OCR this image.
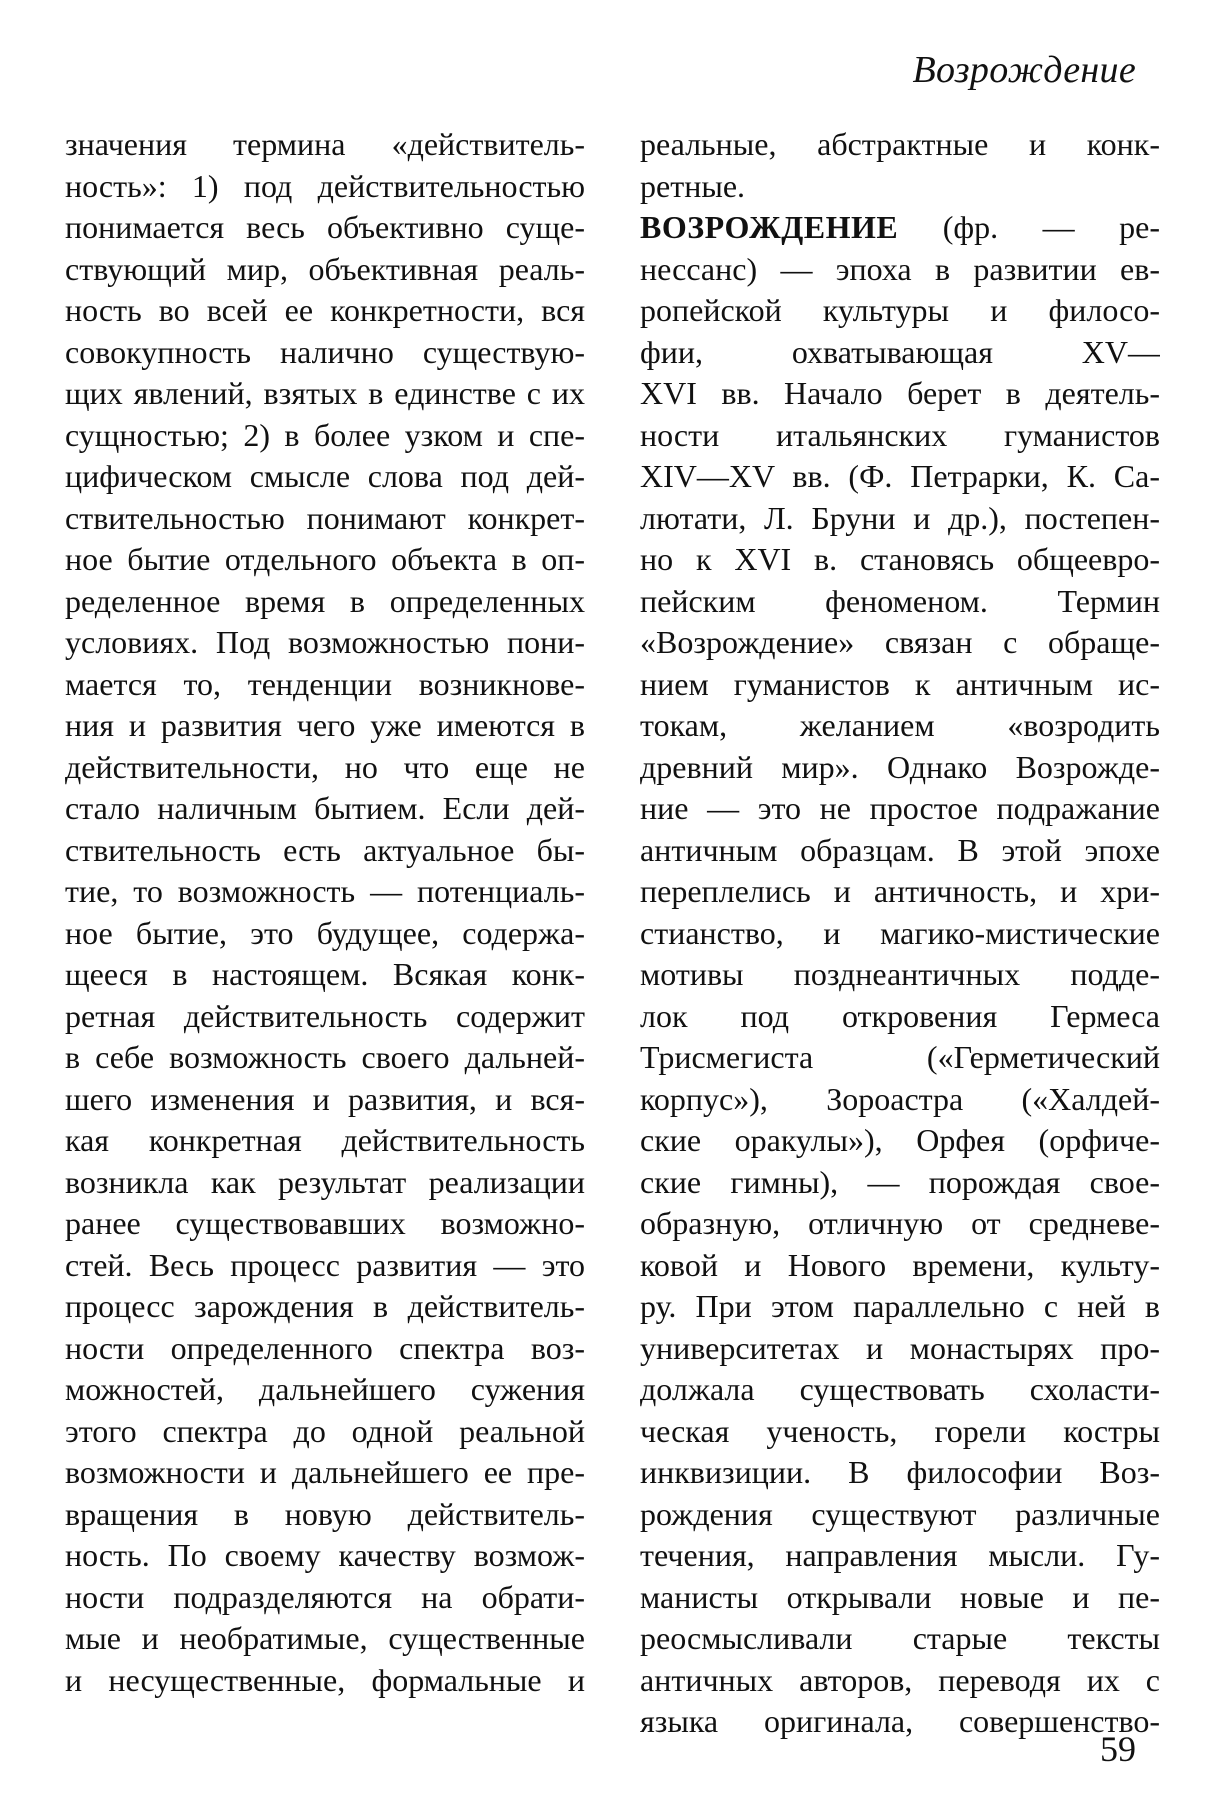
Возрождение
значения термина «действитель-
ность»: 1) под действительностью
понимается весь объективно суще-
ствующий мир, объективная реаль-
ность во всей ее конкретности, вся
совокупность налично существую-
щих явлений, взятых в единстве с их
сущностью; 2) в более узком и спе-
цифическом смысле слова под дей-
ствительностью понимают конкрет-
ное бытие отдельного объекта в оп-
ределенное время в определенных
условиях. Под возможностью пони-
мается то, тенденции возникнове-
ния и развития чего уже имеются в
действительности, но что еще не
стало наличным бытием. Если дей-
ствительность есть актуальное бы-
тие, то возможность — потенциаль-
ное бытие, это будущее, содержа-
щееся в настоящем. Всякая конк-
ретная действительность содержит
в себе возможность своего дальней-
шего изменения и развития, и вся-
кая конкретная действительность
возникла как результат реализации
ранее существовавших возможно-
стей. Весь процесс развития — это
процесс зарождения в действитель-
ности определенного спектра воз-
можностей, дальнейшего сужения
этого спектра до одной реальной
возможности и дальнейшего ее пре-
вращения в новую действитель-
ность. По своему качеству возмож-
ности подразделяются на обрати-
мые и необратимые, существенные
и несущественные, формальные и
реальные, абстрактные и конк-
ретные.
ВОЗРОЖДЕНИЕ (фр. — ре-
нессанс) — эпоха в развитии ев-
ропейской культуры и филосо-
фии, охватывающая XV—
XVI вв. Начало берет в деятель-
ности итальянских гуманистов
XIV—XV вв. (Ф. Петрарки, К. Са-
лютати, Л. Бруни и др.), постепен-
но к XVI в. становясь общеевро-
пейским феноменом. Термин
«Возрождение» связан с обраще-
нием гуманистов к античным ис-
токам, желанием «возродить
древний мир». Однако Возрожде-
ние — это не простое подражание
античным образцам. В этой эпохе
переплелись и античность, и хри-
стианство, и магико-мистические
мотивы позднеантичных подде-
лок под откровения Гермеса
Трисмегиста («Герметический
корпус»), Зороастра («Халдей-
ские оракулы»), Орфея (орфиче-
ские гимны), — порождая свое-
образную, отличную от средневе-
ковой и Нового времени, культу-
ру. При этом параллельно с ней в
университетах и монастырях про-
должала существовать схоласти-
ческая ученость, горели костры
инквизиции. В философии Воз-
рождения существуют различные
течения, направления мысли. Гу-
манисты открывали новые и пе-
реосмысливали старые тексты
античных авторов, переводя их с
языка оригинала, совершенство-
59
